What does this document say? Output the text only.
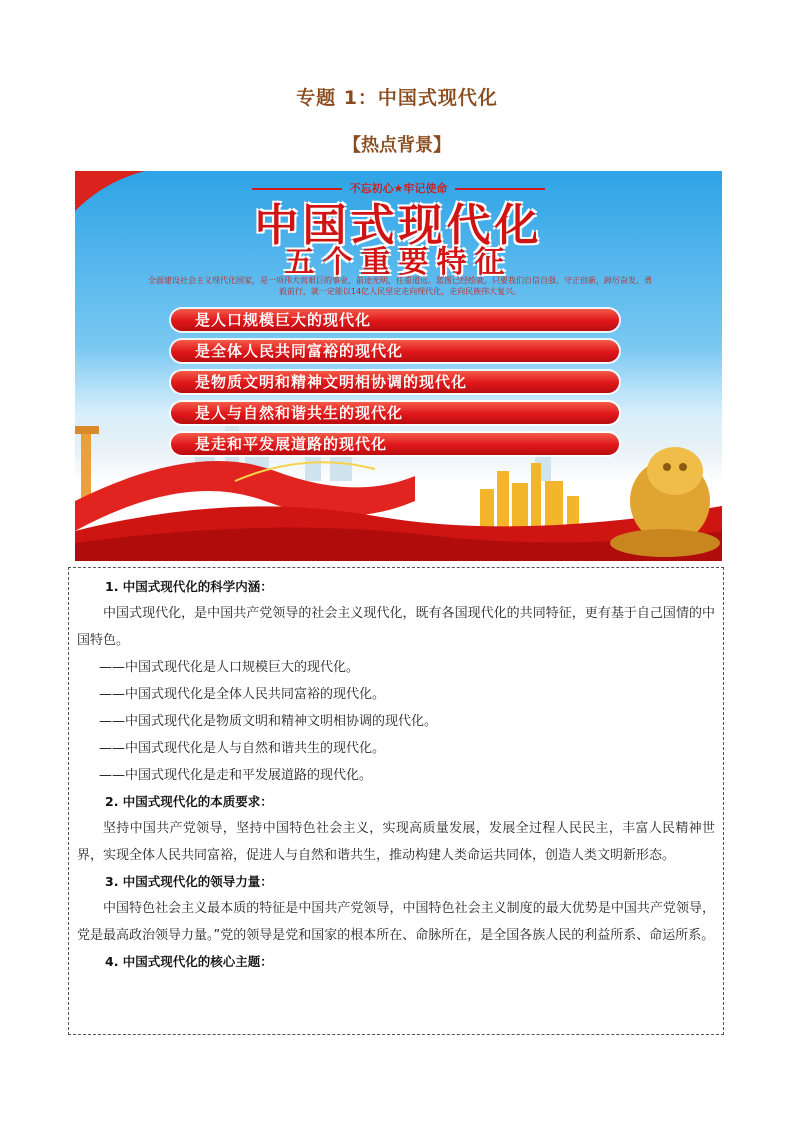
专题 1：中国式现代化
【热点背景】
不忘初心★牢记使命
中国式现代化
五个重要特征
全面建设社会主义现代化国家，是一项伟大而艰巨的事业，前途光明，任重道远。蓝图已经绘就，只要我们自信自强、守正创新，踔厉奋发、勇毅前行，就一定能以14亿人民坚定走向现代化，走向民族伟大复兴。
是人口规模巨大的现代化
是全体人民共同富裕的现代化
是物质文明和精神文明相协调的现代化
是人与自然和谐共生的现代化
是走和平发展道路的现代化
1. 中国式现代化的科学内涵：

中国式现代化，是中国共产党领导的社会主义现代化，既有各国现代化的共同特征，更有基于自己国情的中国特色。

——中国式现代化是人口规模巨大的现代化。
——中国式现代化是全体人民共同富裕的现代化。
——中国式现代化是物质文明和精神文明相协调的现代化。
——中国式现代化是人与自然和谐共生的现代化。
——中国式现代化是走和平发展道路的现代化。
2. 中国式现代化的本质要求：

坚持中国共产党领导，坚持中国特色社会主义，实现高质量发展，发展全过程人民民主，丰富人民精神世界，实现全体人民共同富裕，促进人与自然和谐共生，推动构建人类命运共同体，创造人类文明新形态。

3. 中国式现代化的领导力量：

中国特色社会主义最本质的特征是中国共产党领导，中国特色社会主义制度的最大优势是中国共产党领导，党是最高政治领导力量。”党的领导是党和国家的根本所在、命脉所在，是全国各族人民的利益所系、命运所系。

4. 中国式现代化的核心主题：
